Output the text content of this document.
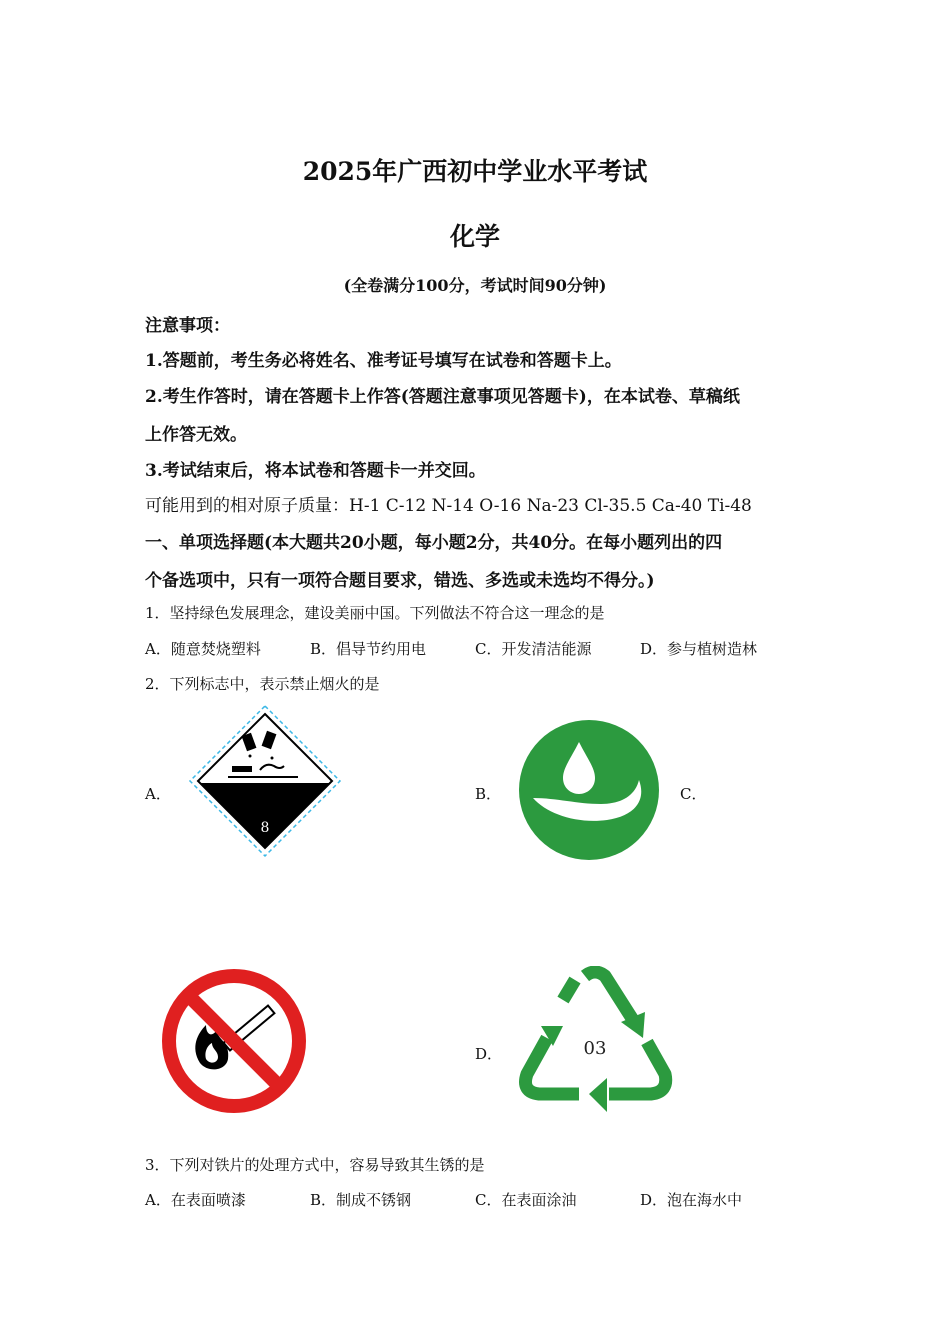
2025年广西初中学业水平考试
化学
(全卷满分100分，考试时间90分钟)
注意事项：
1.答题前，考生务必将姓名、准考证号填写在试卷和答题卡上。
2.考生作答时，请在答题卡上作答(答题注意事项见答题卡)，在本试卷、草稿纸
上作答无效。
3.考试结束后，将本试卷和答题卡一并交回。
可能用到的相对原子质量：H-1 C-12 N-14 O-16 Na-23 Cl-35.5 Ca-40 Ti-48
一、单项选择题(本大题共20小题，每小题2分，共40分。在每小题列出的四
个备选项中，只有一项符合题目要求，错选、多选或未选均不得分。)
1．坚持绿色发展理念，建设美丽中国。下列做法不符合这一理念的是
A．随意焚烧塑料	B．倡导节约用电	C．开发清洁能源	D．参与植树造林
2．下列标志中，表示禁止烟火的是
A．
8
B．	C．
D．	03
3．下列对铁片的处理方式中，容易导致其生锈的是
A．在表面喷漆	B．制成不锈钢	C．在表面涂油	D．泡在海水中
